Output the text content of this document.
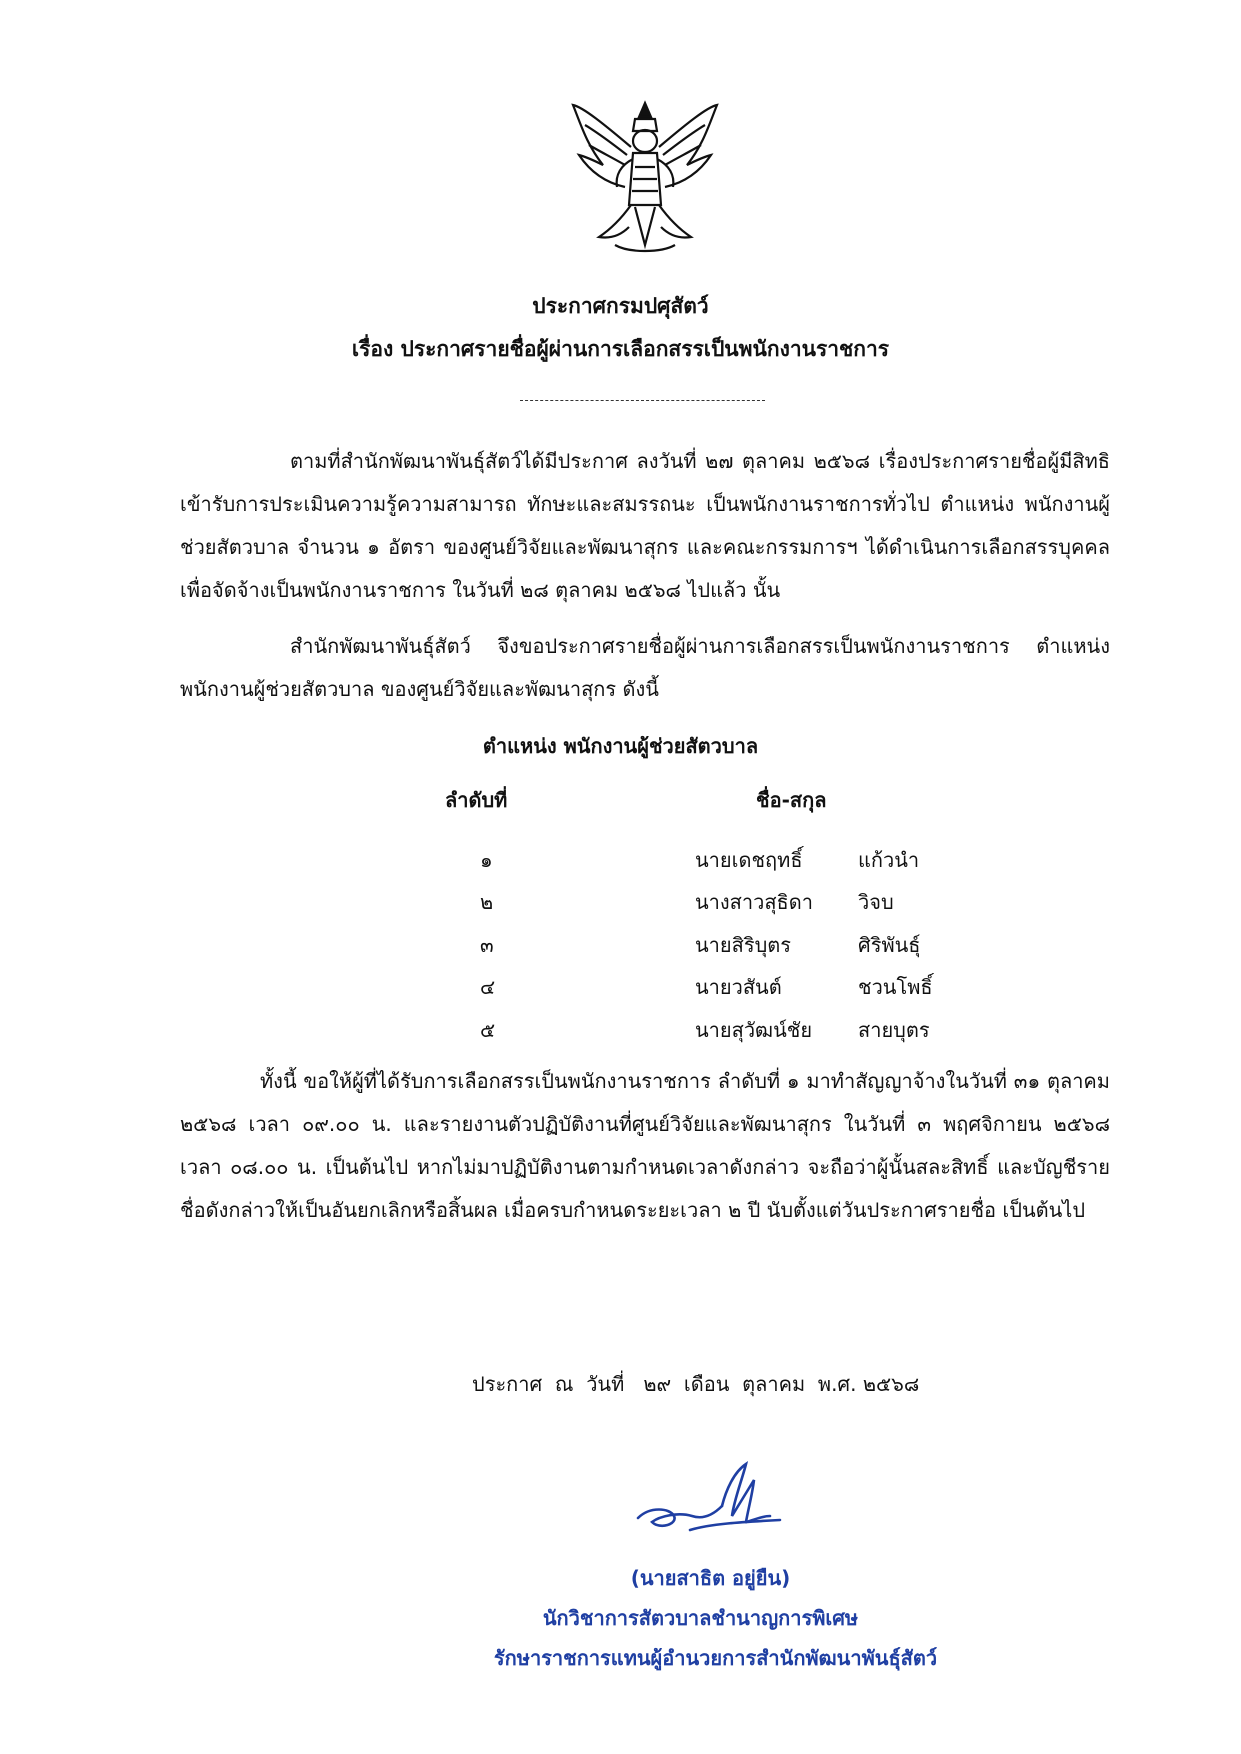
ประกาศกรมปศุสัตว์
เรื่อง ประกาศรายชื่อผู้ผ่านการเลือกสรรเป็นพนักงานราชการ
ตามที่สำนักพัฒนาพันธุ์สัตว์ได้มีประกาศ ลงวันที่ ๒๗ ตุลาคม ๒๕๖๘ เรื่องประกาศรายชื่อผู้มีสิทธิเข้ารับการประเมินความรู้ความสามารถ ทักษะและสมรรถนะ เป็นพนักงานราชการทั่วไป ตำแหน่ง พนักงานผู้ช่วยสัตวบาล จำนวน ๑ อัตรา ของศูนย์วิจัยและพัฒนาสุกร และคณะกรรมการฯ ได้ดำเนินการเลือกสรรบุคคลเพื่อจัดจ้างเป็นพนักงานราชการ ในวันที่ ๒๘ ตุลาคม ๒๕๖๘ ไปแล้ว นั้น
สำนักพัฒนาพันธุ์สัตว์ จึงขอประกาศรายชื่อผู้ผ่านการเลือกสรรเป็นพนักงานราชการ ตำแหน่ง พนักงานผู้ช่วยสัตวบาล ของศูนย์วิจัยและพัฒนาสุกร ดังนี้
ตำแหน่ง พนักงานผู้ช่วยสัตวบาล
ลำดับที่	ชื่อ-สกุล
๑	นายเดชฤทธิ์	แก้วนำ
๒	นางสาวสุธิดา วิจบ
๓	นายสิริบุตร	ศิริพันธุ์
๔	นายวสันต์	ชวนโพธิ์
๕	นายสุวัฒน์ชัย สายบุตร
ทั้งนี้ ขอให้ผู้ที่ได้รับการเลือกสรรเป็นพนักงานราชการ ลำดับที่ ๑ มาทำสัญญาจ้างในวันที่ ๓๑ ตุลาคม ๒๕๖๘ เวลา ๐๙.๐๐ น. และรายงานตัวปฏิบัติงานที่ศูนย์วิจัยและพัฒนาสุกร ในวันที่ ๓ พฤศจิกายน ๒๕๖๘ เวลา ๐๘.๐๐ น. เป็นต้นไป หากไม่มาปฏิบัติงานตามกำหนดเวลาดังกล่าว จะถือว่าผู้นั้นสละสิทธิ์ และบัญชีรายชื่อดังกล่าวให้เป็นอันยกเลิกหรือสิ้นผล เมื่อครบกำหนดระยะเวลา ๒ ปี นับตั้งแต่วันประกาศรายชื่อ เป็นต้นไป
ประกาศ  ณ  วันที่   ๒๙  เดือน  ตุลาคม  พ.ศ. ๒๕๖๘
(นายสาธิต อยู่ยืน)
นักวิชาการสัตวบาลชำนาญการพิเศษ
รักษาราชการแทนผู้อำนวยการสำนักพัฒนาพันธุ์สัตว์
